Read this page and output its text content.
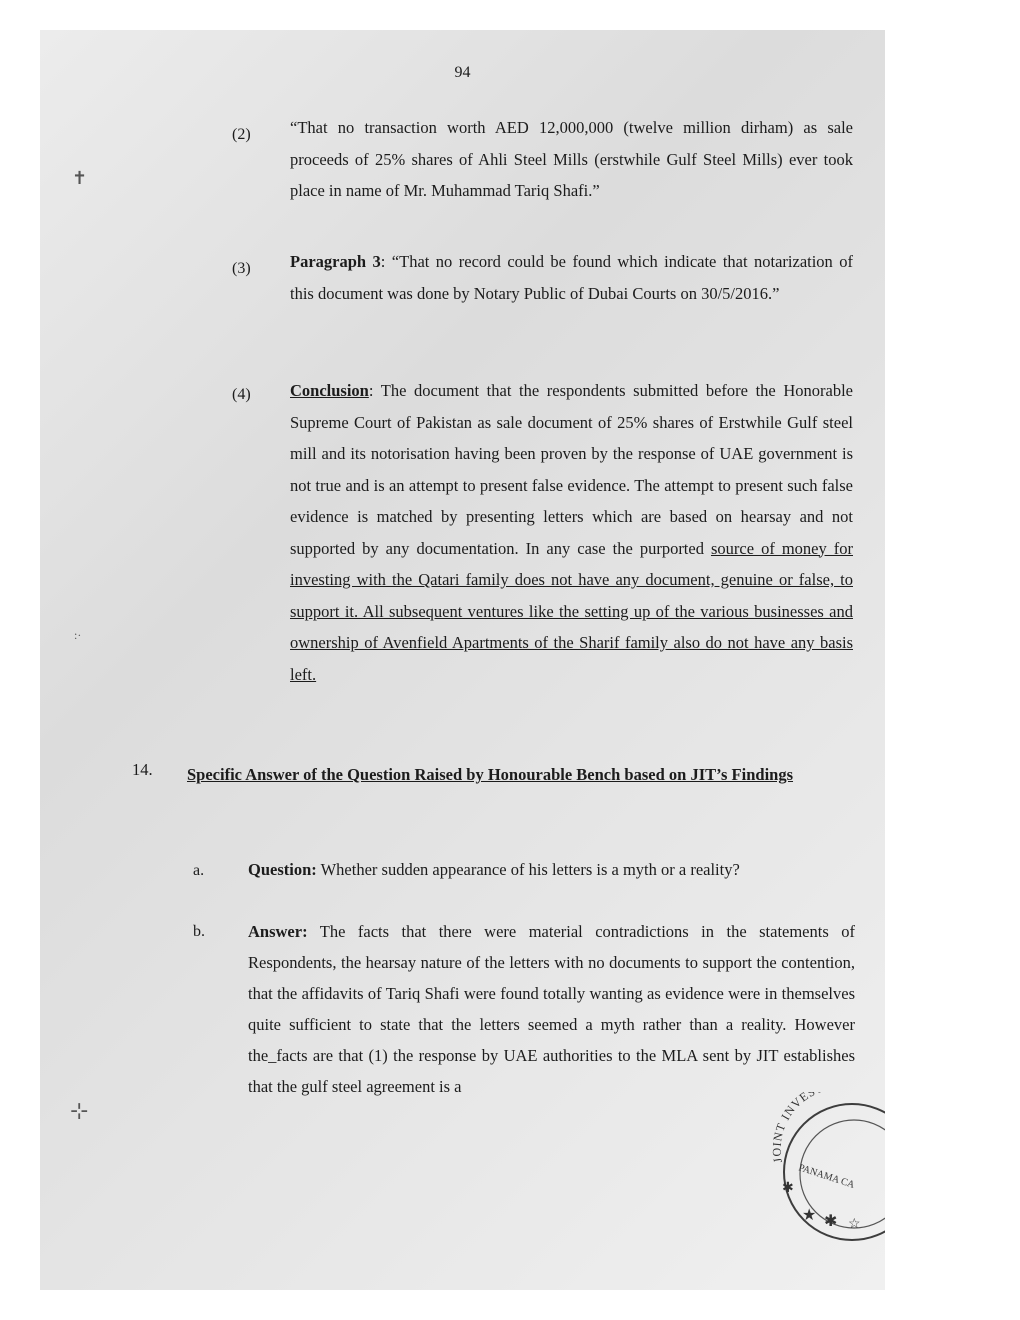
94
✝
:·
⊹
(2) “That no transaction worth AED 12,000,000 (twelve million dirham) as sale proceeds of 25% shares of Ahli Steel Mills (erstwhile Gulf Steel Mills) ever took place in name of Mr. Muhammad Tariq Shafi.”
(3) Paragraph 3: “That no record could be found which indicate that notarization of this document was done by Notary Public of Dubai Courts on 30/5/2016.”
(4) Conclusion: The document that the respondents submitted before the Honorable Supreme Court of Pakistan as sale document of 25% shares of Erstwhile Gulf steel mill and its notorisation having been proven by the response of UAE government is not true and is an attempt to present false evidence. The attempt to present such false evidence is matched by presenting letters which are based on hearsay and not supported by any documentation. In any case the purported source of money for investing with the Qatari family does not have any document, genuine or false, to support it. All subsequent ventures like the setting up of the various businesses and ownership of Avenfield Apartments of the Sharif family also do not have any basis left.
14.	Specific Answer of the Question Raised by Honourable Bench based on JIT’s Findings
a.	Question: Whether sudden appearance of his letters is a myth or a reality?
b.	Answer: The facts that there were material contradictions in the statements of Respondents, the hearsay nature of the letters with no documents to support the contention, that the affidavits of Tariq Shafi were found totally wanting as evidence were in themselves quite sufficient to state that the letters seemed a myth rather than a reality. However the_facts are that (1) the response by UAE authorities to the MLA sent by JIT establishes that the gulf steel agreement is a
JOINT INVE
PANAMA CA
✱
★ ✱ ☆
